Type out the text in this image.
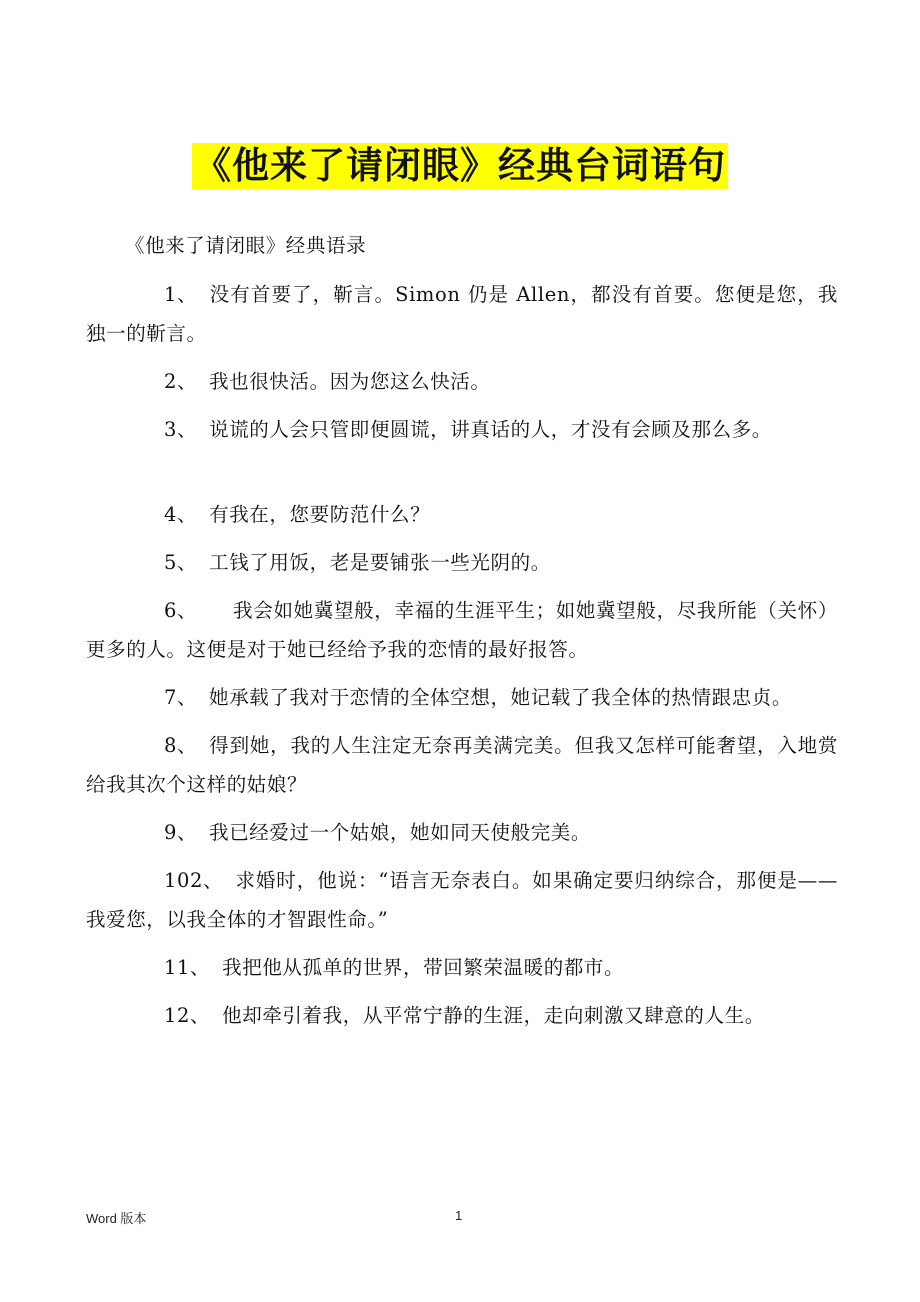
《他来了请闭眼》经典台词语句

《他来了请闭眼》经典语录

1、 没有首要了，靳言。Simon 仍是 Allen，都没有首要。您便是您，我独一的靳言。

2、 我也很快活。因为您这么快活。

3、 说谎的人会只管即便圆谎，讲真话的人，才没有会顾及那么多。

4、 有我在，您要防范什么？

5、 工钱了用饭，老是要铺张一些光阴的。

6、 我会如她冀望般，幸福的生涯平生；如她冀望般，尽我所能（关怀）更多的人。这便是对于她已经给予我的恋情的最好报答。

7、 她承载了我对于恋情的全体空想，她记载了我全体的热情跟忠贞。

8、 得到她，我的人生注定无奈再美满完美。但我又怎样可能奢望，入地赏给我其次个这样的姑娘？

9、 我已经爱过一个姑娘，她如同天使般完美。

102、 求婚时，他说：“语言无奈表白。如果确定要归纳综合，那便是——我爱您，以我全体的才智跟性命。”

11、 我把他从孤单的世界，带回繁荣温暖的都市。

12、 他却牵引着我，从平常宁静的生涯，走向刺激又肆意的人生。

Word 版本	1
